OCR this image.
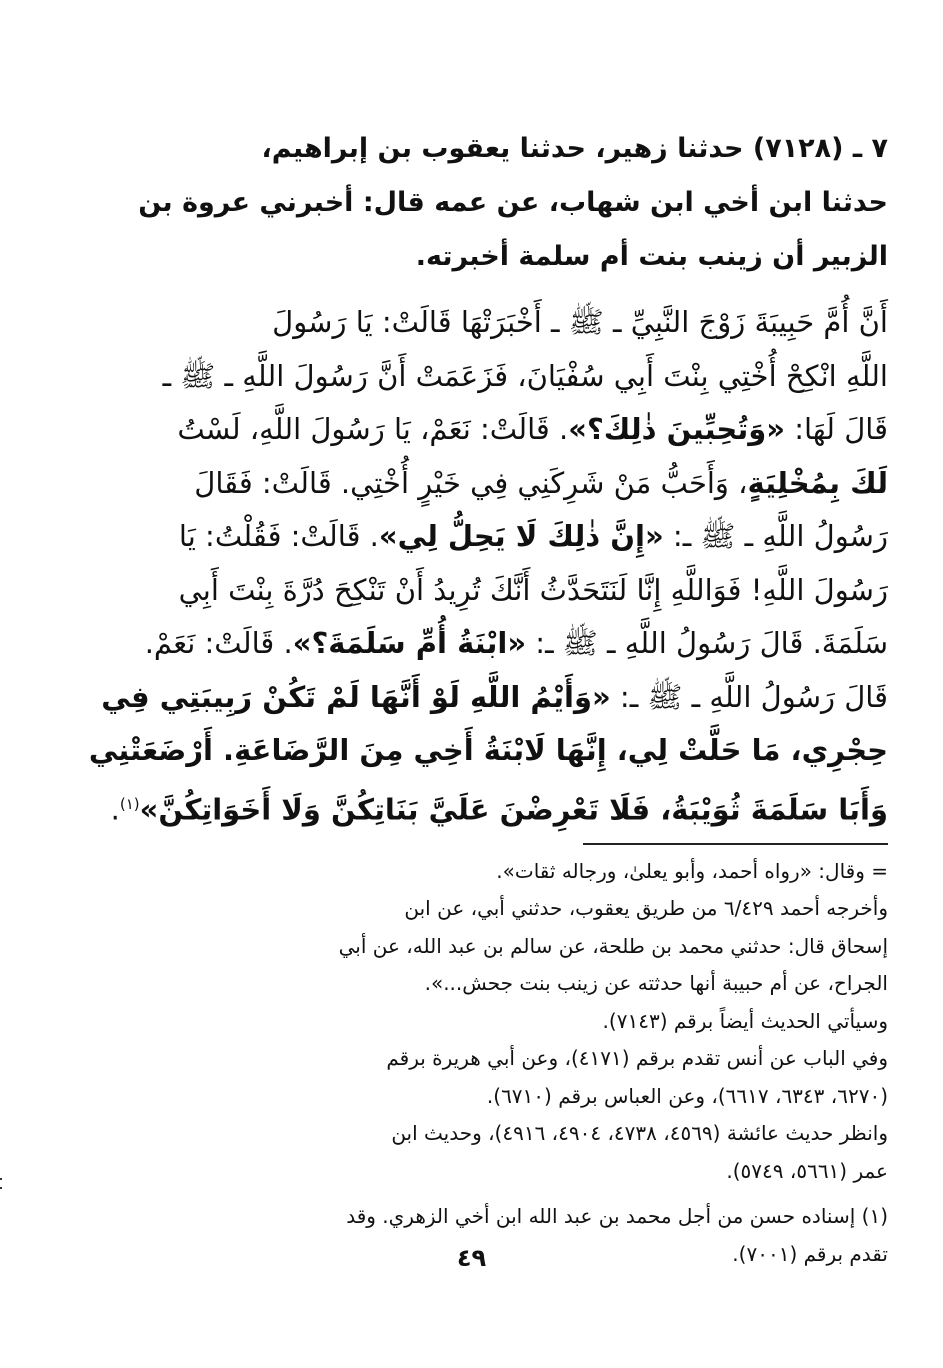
٧ ـ (٧١٢٨) حدثنا زهير، حدثنا يعقوب بن إبراهيم،
حدثنا ابن أخي ابن شهاب، عن عمه قال: أخبرني عروة بن
الزبير أن زينب بنت أم سلمة أخبرته.
أَنَّ أُمَّ حَبِيبَةَ زَوْجَ النَّبِيِّ ـ ﷺ ـ أَخْبَرَتْهَا قَالَتْ: يَا رَسُولَ
اللَّهِ انْكِحْ أُخْتِي بِنْتَ أَبِي سُفْيَانَ، فَزَعَمَتْ أَنَّ رَسُولَ اللَّهِ ـ ﷺ ـ
قَالَ لَهَا: «وَتُحِبِّينَ ذٰلِكَ؟». قَالَتْ: نَعَمْ، يَا رَسُولَ اللَّهِ، لَسْتُ
لَكَ بِمُخْلِيَةٍ، وَأَحَبُّ مَنْ شَرِكَنِي فِي خَيْرٍ أُخْتِي. قَالَتْ: فَقَالَ
رَسُولُ اللَّهِ ـ ﷺ ـ: «إِنَّ ذٰلِكَ لَا يَحِلُّ لِي». قَالَتْ: فَقُلْتُ: يَا
رَسُولَ اللَّهِ! فَوَاللَّهِ إِنَّا لَنَتَحَدَّثُ أَنَّكَ تُرِيدُ أَنْ تَنْكِحَ دُرَّةَ بِنْتَ أَبِي
سَلَمَةَ. قَالَ رَسُولُ اللَّهِ ـ ﷺ ـ: «ابْنَةُ أُمِّ سَلَمَةَ؟». قَالَتْ: نَعَمْ.
قَالَ رَسُولُ اللَّهِ ـ ﷺ ـ: «وَأَيْمُ اللَّهِ لَوْ أَنَّهَا لَمْ تَكُنْ رَبِيبَتِي فِي
حِجْرِي، مَا حَلَّتْ لِي، إِنَّهَا لَابْنَةُ أَخِي مِنَ الرَّضَاعَةِ. أَرْضَعَتْنِي
وَأَبَا سَلَمَةَ ثُوَيْبَةُ، فَلَا تَعْرِضْنَ عَلَيَّ بَنَاتِكُنَّ وَلَا أَخَوَاتِكُنَّ»$^{(١)}$.
= وقال: «رواه أحمد، وأبو يعلىٰ، ورجاله ثقات».
وأخرجه أحمد ٦/٤٢٩ من طريق يعقوب، حدثني أبي، عن ابن
إسحاق قال: حدثني محمد بن طلحة، عن سالم بن عبد الله، عن أبي
الجراح، عن أم حبيبة أنها حدثته عن زينب بنت جحش...».
وسيأتي الحديث أيضاً برقم (٧١٤٣).
وفي الباب عن أنس تقدم برقم (٤١٧١)، وعن أبي هريرة برقم
(٦٢٧٠، ٦٣٤٣، ٦٦١٧)، وعن العباس برقم (٦٧١٠).
وانظر حديث عائشة (٤٥٦٩، ٤٧٣٨، ٤٩٠٤، ٤٩١٦)، وحديث ابن
عمر (٥٦٦١، ٥٧٤٩).
(١) إسناده حسن من أجل محمد بن عبد الله ابن أخي الزهري. وقد
تقدم برقم (٧٠٠١).
٤٩
